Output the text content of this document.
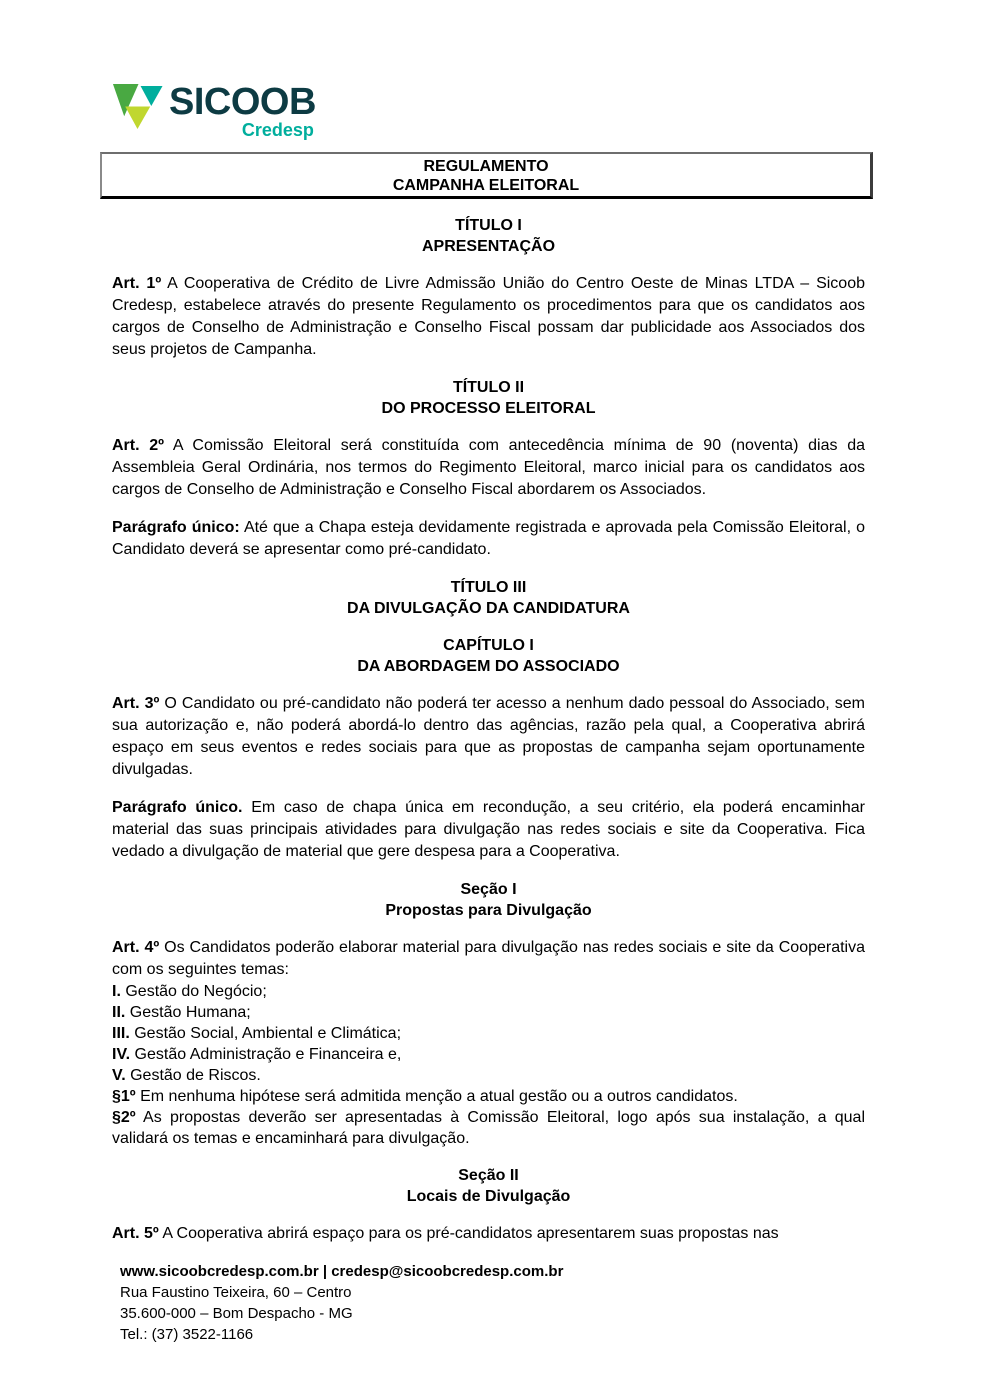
SICOOB
Credesp
REGULAMENTO
CAMPANHA ELEITORAL
TÍTULO I
APRESENTAÇÃO
Art. 1º A Cooperativa de Crédito de Livre Admissão União do Centro Oeste de Minas LTDA – Sicoob Credesp, estabelece através do presente Regulamento os procedimentos para que os candidatos aos cargos de Conselho de Administração e Conselho Fiscal possam dar publicidade aos Associados dos seus projetos de Campanha.
TÍTULO II
DO PROCESSO ELEITORAL
Art. 2º A Comissão Eleitoral será constituída com antecedência mínima de 90 (noventa) dias da Assembleia Geral Ordinária, nos termos do Regimento Eleitoral, marco inicial para os candidatos aos cargos de Conselho de Administração e Conselho Fiscal abordarem os Associados.
Parágrafo único: Até que a Chapa esteja devidamente registrada e aprovada pela Comissão Eleitoral, o Candidato deverá se apresentar como pré-candidato.
TÍTULO III
DA DIVULGAÇÃO DA CANDIDATURA
CAPÍTULO I
DA ABORDAGEM DO ASSOCIADO
Art. 3º O Candidato ou pré-candidato não poderá ter acesso a nenhum dado pessoal do Associado, sem sua autorização e, não poderá abordá-lo dentro das agências, razão pela qual, a Cooperativa abrirá espaço em seus eventos e redes sociais para que as propostas de campanha sejam oportunamente divulgadas.
Parágrafo único. Em caso de chapa única em recondução, a seu critério, ela poderá encaminhar material das suas principais atividades para divulgação nas redes sociais e site da Cooperativa. Fica vedado a divulgação de material que gere despesa para a Cooperativa.
Seção I
Propostas para Divulgação
Art. 4º Os Candidatos poderão elaborar material para divulgação nas redes sociais e site da Cooperativa com os seguintes temas:
I. Gestão do Negócio;
II. Gestão Humana;
III. Gestão Social, Ambiental e Climática;
IV. Gestão Administração e Financeira e,
V. Gestão de Riscos.
§1º Em nenhuma hipótese será admitida menção a atual gestão ou a outros candidatos.
§2º As propostas deverão ser apresentadas à Comissão Eleitoral, logo após sua instalação, a qual validará os temas e encaminhará para divulgação.
Seção II
Locais de Divulgação
Art. 5º A Cooperativa abrirá espaço para os pré-candidatos apresentarem suas propostas nas
www.sicoobcredesp.com.br | credesp@sicoobcredesp.com.br
Rua Faustino Teixeira, 60 – Centro
35.600-000 – Bom Despacho - MG
Tel.: (37) 3522-1166
